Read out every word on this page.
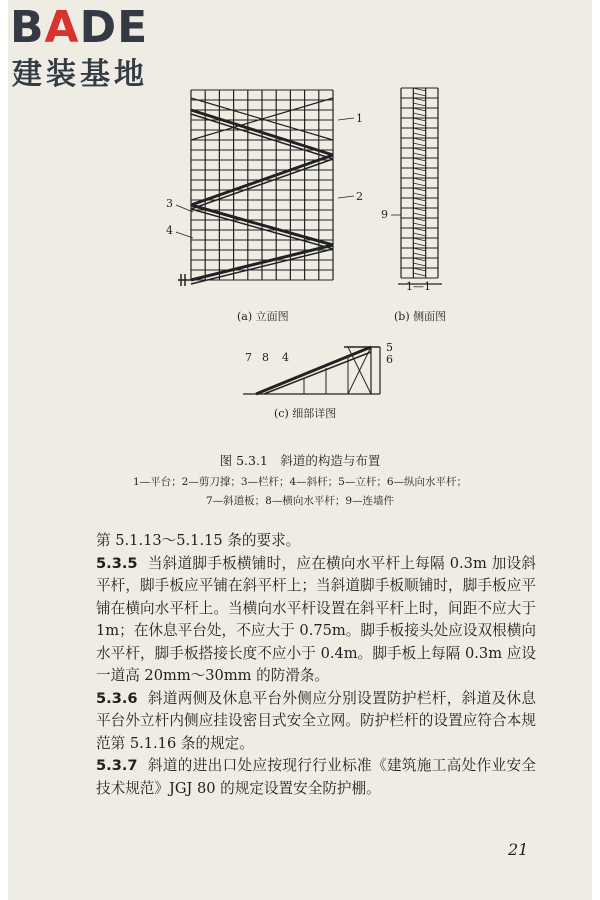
BADE
建装基地
1
2
3
4
9
1—1
7 8 4
5
6
(a) 立面图	(b) 侧面图
(c) 细部详图
图 5.3.1　斜道的构造与布置
1—平台；2—剪刀撑；3—栏杆；4—斜杆；5—立杆；6—纵向水平杆；
7—斜道板；8—横向水平杆；9—连墙件

第 5.1.13～5.1.15 条的要求。

5.3.5 当斜道脚手板横铺时，应在横向水平杆上每隔 0.3m 加设斜平杆，脚手板应平铺在斜平杆上；当斜道脚手板顺铺时，脚手板应平铺在横向水平杆上。当横向水平杆设置在斜平杆上时，间距不应大于 1m；在休息平台处，不应大于 0.75m。脚手板接头处应设双根横向水平杆，脚手板搭接长度不应小于 0.4m。脚手板上每隔 0.3m 应设一道高 20mm～30mm 的防滑条。

5.3.6 斜道两侧及休息平台外侧应分别设置防护栏杆，斜道及休息平台外立杆内侧应挂设密目式安全立网。防护栏杆的设置应符合本规范第 5.1.16 条的规定。

5.3.7 斜道的进出口处应按现行行业标准《建筑施工高处作业安全技术规范》JGJ 80 的规定设置安全防护棚。

21
